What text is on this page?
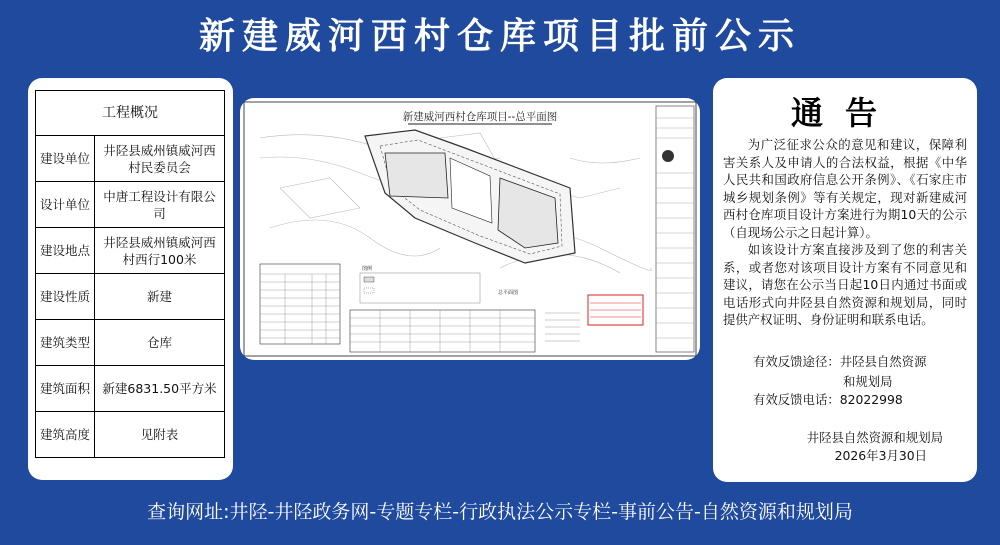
新建威河西村仓库项目批前公示
工程概况	
建设单位	井陉县威州镇威河西村民委员会
设计单位	中唐工程设计有限公司
建设地点	井陉县威州镇威河西村西行100米
建设性质	新建
建筑类型	仓库
建筑面积	新建6831.50平方米
建筑高度	见附表
新建威河西村仓库项目--总平面图
图例
总平面图
通告

为广泛征求公众的意见和建议，保障利害关系人及申请人的合法权益，根据《中华人民共和国政府信息公开条例》、《石家庄市城乡规划条例》等有关规定，现对新建威河西村仓库项目设计方案进行为期10天的公示（自现场公示之日起计算）。

如该设计方案直接涉及到了您的利害关系，或者您对该项目设计方案有不同意见和建议，请您在公示当日起10日内通过书面或电话形式向井陉县自然资源和规划局，同时提供产权证明、身份证明和联系电话。

有效反馈途径：井陉县自然资源
和规划局
有效反馈电话：82022998
井陉县自然资源和规划局
2026年3月30日
查询网址:井陉-井陉政务网-专题专栏-行政执法公示专栏-事前公告-自然资源和规划局
